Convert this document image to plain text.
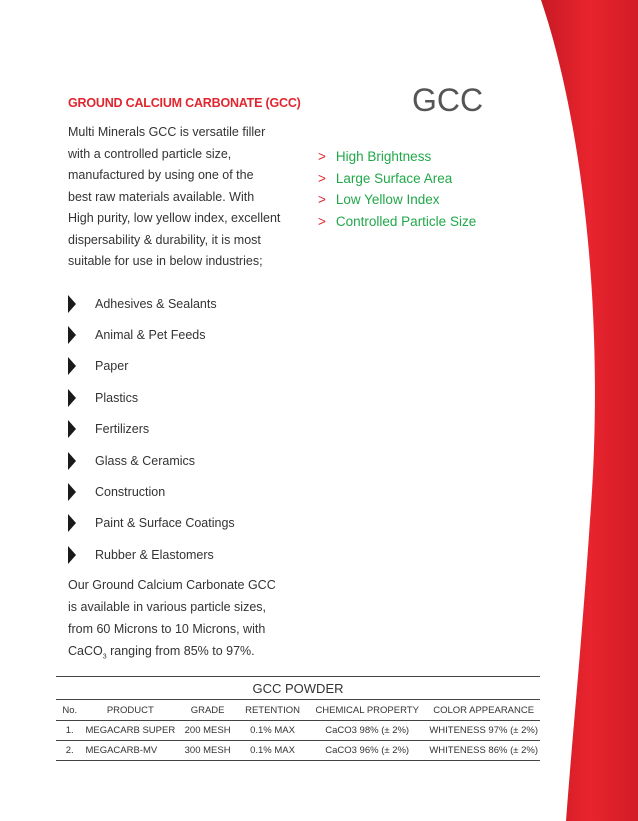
GROUND CALCIUM CARBONATE (GCC)	GCC
Multi Minerals GCC is versatile filler
with a controlled particle size,
manufactured by using one of the
best raw materials available. With
High purity, low yellow index, excellent
dispersability & durability, it is most
suitable for use in below industries;
> High Brightness
> Large Surface Area
> Low Yellow Index
> Controlled Particle Size
Adhesives & Sealants
Animal & Pet Feeds
Paper
Plastics
Fertilizers
Glass & Ceramics
Construction
Paint & Surface Coatings
Rubber & Elastomers
Our Ground Calcium Carbonate GCC
is available in various particle sizes,
from 60 Microns to 10 Microns, with
CaCO$_3$ ranging from 85% to 97%.
GCC POWDER					
No.	PRODUCT	GRADE	RETENTION	CHEMICAL PROPERTY	COLOR APPEARANCE
1.	MEGACARB SUPER	200 MESH	0.1% MAX	CaCO3 98% (± 2%)	WHITENESS 97% (± 2%)
2.	MEGACARB-MV	300 MESH	0.1% MAX	CaCO3 96% (± 2%)	WHITENESS 86% (± 2%)
